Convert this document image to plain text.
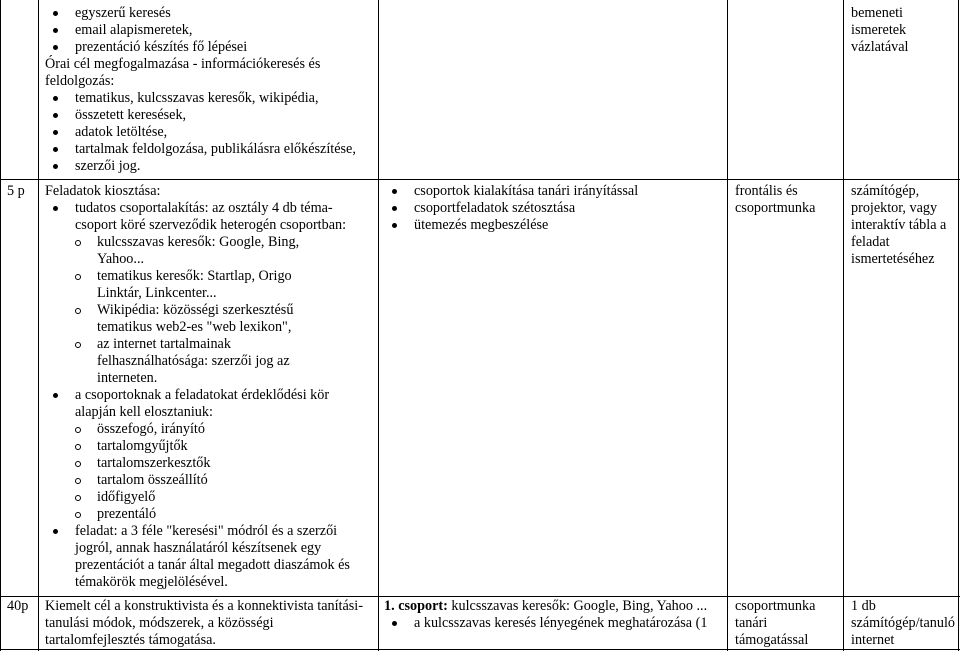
egyszerű keresés
email alapismeretek,
prezentáció készítés fő lépései
Órai cél megfogalmazása - információkeresés és feldolgozás:
tematikus, kulcsszavas keresők, wikipédia,
összetett keresések,
adatok letöltése,
tartalmak feldolgozása, publikálásra előkészítése,
szerzői jog.

bemeneti ismeretek vázlatával

5 p Feladatok kiosztása:

tudatos csoportalakítás: az osztály 4 db téma-csoport köré szerveződik heterogén csoportban:
kulcsszavas keresők: Google, Bing, Yahoo...
tematikus keresők: Startlap, Origo Linktár, Linkcenter...
Wikipédia: közösségi szerkesztésű tematikus web2-es "web lexikon",
az internet tartalmainak felhasználhatósága: szerzői jog az interneten.
a csoportoknak a feladatokat érdeklődési kör alapján kell elosztaniuk:
összefogó, irányító
tartalomgyűjtők
tartalomszerkesztők
tartalom összeállító
időfigyelő
prezentáló
feladat: a 3 féle "keresési" módról és a szerzői jogról, annak használatáról készítsenek egy prezentációt a tanár által megadott diaszámok és témakörök megjelölésével.
csoportok kialakítása tanári irányítással
csoportfeladatok szétosztása
ütemezés megbeszélése

frontális és csoportmunka

számítógép, projektor, vagy interaktív tábla a feladat ismertetéséhez

40p Kiemelt cél a konstruktivista és a konnektivista tanítási-tanulási módok, módszerek, a közösségi tartalomfejlesztés támogatása.

1. csoport: kulcsszavas keresők: Google, Bing, Yahoo ...

a kulcsszavas keresés lényegének meghatározása (1

csoportmunka tanári támogatással

1 db számítógép/tanuló internet
